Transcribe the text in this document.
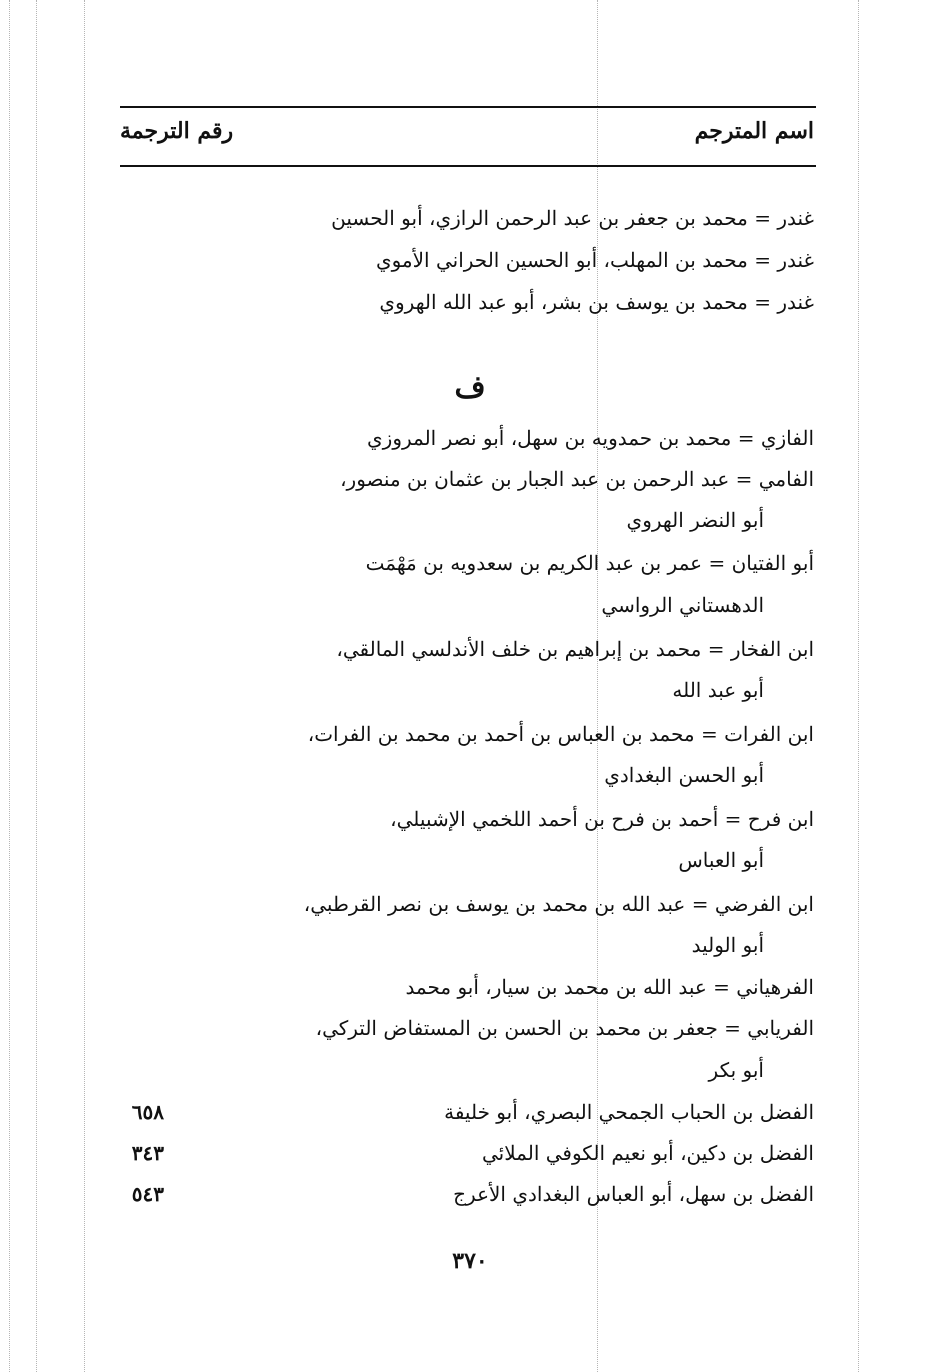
اسم المترجم
رقم الترجمة
غندر = محمد بن جعفر بن عبد الرحمن الرازي، أبو الحسين
غندر = محمد بن المهلب، أبو الحسين الحراني الأموي
غندر = محمد بن يوسف بن بشر، أبو عبد الله الهروي
ف
الفازي = محمد بن حمدويه بن سهل، أبو نصر المروزي
الفامي = عبد الرحمن بن عبد الجبار بن عثمان بن منصور،
أبو النضر الهروي
أبو الفتيان = عمر بن عبد الكريم بن سعدويه بن مَهْمَت
الدهستاني الرواسي
ابن الفخار = محمد بن إبراهيم بن خلف الأندلسي المالقي،
أبو عبد الله
ابن الفرات = محمد بن العباس بن أحمد بن محمد بن الفرات،
أبو الحسن البغدادي
ابن فرح = أحمد بن فرح بن أحمد اللخمي الإشبيلي،
أبو العباس
ابن الفرضي = عبد الله بن محمد بن يوسف بن نصر القرطبي،
أبو الوليد
الفرهياني = عبد الله بن محمد بن سيار، أبو محمد
الفريابي = جعفر بن محمد بن الحسن بن المستفاض التركي،
أبو بكر
الفضل بن الحباب الجمحي البصري، أبو خليفة
٦٥٨
الفضل بن دكين، أبو نعيم الكوفي الملائي
٣٤٣
الفضل بن سهل، أبو العباس البغدادي الأعرج
٥٤٣
٣٧٠
